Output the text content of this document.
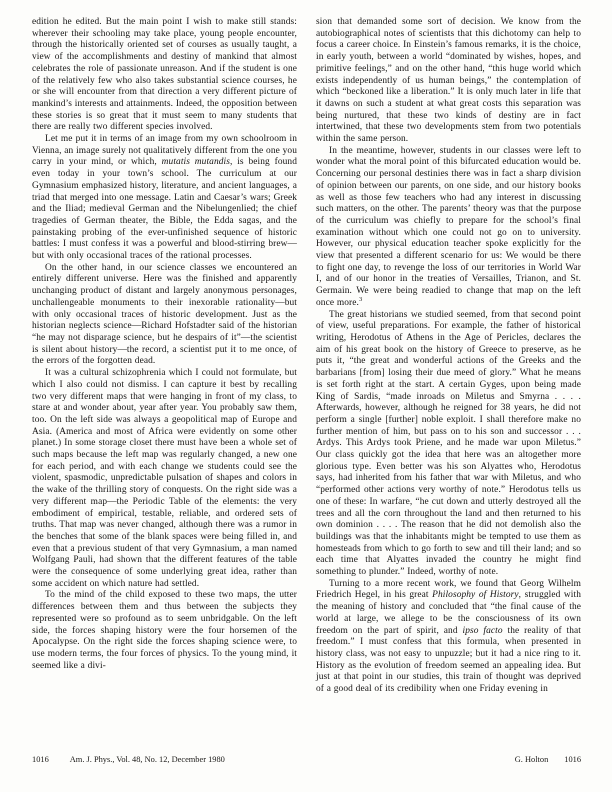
edition he edited. But the main point I wish to make still stands: wherever their schooling may take place, young people encounter, through the historically oriented set of courses as usually taught, a view of the accomplishments and destiny of mankind that almost celebrates the role of passionate unreason. And if the student is one of the relatively few who also takes substantial science courses, he or she will encounter from that direction a very different picture of mankind’s interests and attainments. Indeed, the opposition between these stories is so great that it must seem to many students that there are really two different species involved.

Let me put it in terms of an image from my own schoolroom in Vienna, an image surely not qualitatively different from the one you carry in your mind, or which, mutatis mutandis, is being found even today in your town’s school. The curriculum at our Gymnasium emphasized history, literature, and ancient languages, a triad that merged into one message. Latin and Caesar’s wars; Greek and the Iliad; medieval German and the Nibelungenlied; the chief tragedies of German theater, the Bible, the Edda sagas, and the painstaking probing of the ever-unfinished sequence of historic battles: I must confess it was a powerful and blood-stirring brew—but with only occasional traces of the rational processes.

On the other hand, in our science classes we encountered an entirely different universe. Here was the finished and apparently unchanging product of distant and largely anonymous personages, unchallengeable monuments to their inexorable rationality—but with only occasional traces of historic development. Just as the historian neglects science—Richard Hofstadter said of the historian “he may not disparage science, but he despairs of it”—the scientist is silent about history—the record, a scientist put it to me once, of the errors of the forgotten dead.

It was a cultural schizophrenia which I could not formulate, but which I also could not dismiss. I can capture it best by recalling two very different maps that were hanging in front of my class, to stare at and wonder about, year after year. You probably saw them, too. On the left side was always a geopolitical map of Europe and Asia. (America and most of Africa were evidently on some other planet.) In some storage closet there must have been a whole set of such maps because the left map was regularly changed, a new one for each period, and with each change we students could see the violent, spasmodic, unpredictable pulsation of shapes and colors in the wake of the thrilling story of conquests. On the right side was a very different map—the Periodic Table of the elements: the very embodiment of empirical, testable, reliable, and ordered sets of truths. That map was never changed, although there was a rumor in the benches that some of the blank spaces were being filled in, and even that a previous student of that very Gymnasium, a man named Wolfgang Pauli, had shown that the different features of the table were the consequence of some underlying great idea, rather than some accident on which nature had settled.

To the mind of the child exposed to these two maps, the utter differences between them and thus between the subjects they represented were so profound as to seem unbridgable. On the left side, the forces shaping history were the four horsemen of the Apocalypse. On the right side the forces shaping science were, to use modern terms, the four forces of physics. To the young mind, it seemed like a divi-

sion that demanded some sort of decision. We know from the autobiographical notes of scientists that this dichotomy can help to focus a career choice. In Einstein’s famous remarks, it is the choice, in early youth, between a world “dominated by wishes, hopes, and primitive feelings,” and on the other hand, “this huge world which exists independently of us human beings,” the contemplation of which “beckoned like a liberation.” It is only much later in life that it dawns on such a student at what great costs this separation was being nurtured, that these two kinds of destiny are in fact intertwined, that these two developments stem from two potentials within the same person.

In the meantime, however, students in our classes were left to wonder what the moral point of this bifurcated education would be. Concerning our personal destinies there was in fact a sharp division of opinion between our parents, on one side, and our history books as well as those few teachers who had any interest in discussing such matters, on the other. The parents’ theory was that the purpose of the curriculum was chiefly to prepare for the school’s final examination without which one could not go on to university. However, our physical education teacher spoke explicitly for the view that presented a different scenario for us: We would be there to fight one day, to revenge the loss of our territories in World War I, and of our honor in the treaties of Versailles, Trianon, and St. Germain. We were being readied to change that map on the left once more.$^3$

The great historians we studied seemed, from that second point of view, useful preparations. For example, the father of historical writing, Herodotus of Athens in the Age of Pericles, declares the aim of his great book on the history of Greece to preserve, as he puts it, “the great and wonderful actions of the Greeks and the barbarians [from] losing their due meed of glory.” What he means is set forth right at the start. A certain Gyges, upon being made King of Sardis, “made inroads on Miletus and Smyrna . . . . Afterwards, however, although he reigned for 38 years, he did not perform a single [further] noble exploit. I shall therefore make no further mention of him, but pass on to his son and successor . . . Ardys. This Ardys took Priene, and he made war upon Miletus.” Our class quickly got the idea that here was an altogether more glorious type. Even better was his son Alyattes who, Herodotus says, had inherited from his father that war with Miletus, and who “performed other actions very worthy of note.” Herodotus tells us one of these: In warfare, “he cut down and utterly destroyed all the trees and all the corn throughout the land and then returned to his own dominion . . . . The reason that he did not demolish also the buildings was that the inhabitants might be tempted to use them as homesteads from which to go forth to sew and till their land; and so each time that Alyattes invaded the country he might find something to plunder.” Indeed, worthy of note.

Turning to a more recent work, we found that Georg Wilhelm Friedrich Hegel, in his great Philosophy of History, struggled with the meaning of history and concluded that “the final cause of the world at large, we allege to be the consciousness of its own freedom on the part of spirit, and ipso facto the reality of that freedom.” I must confess that this formula, when presented in history class, was not easy to unpuzzle; but it had a nice ring to it. History as the evolution of freedom seemed an appealing idea. But just at that point in our studies, this train of thought was deprived of a good deal of its credibility when one Friday evening in

1016	Am. J. Phys., Vol. 48, No. 12, December 1980	G. Holton 1016
